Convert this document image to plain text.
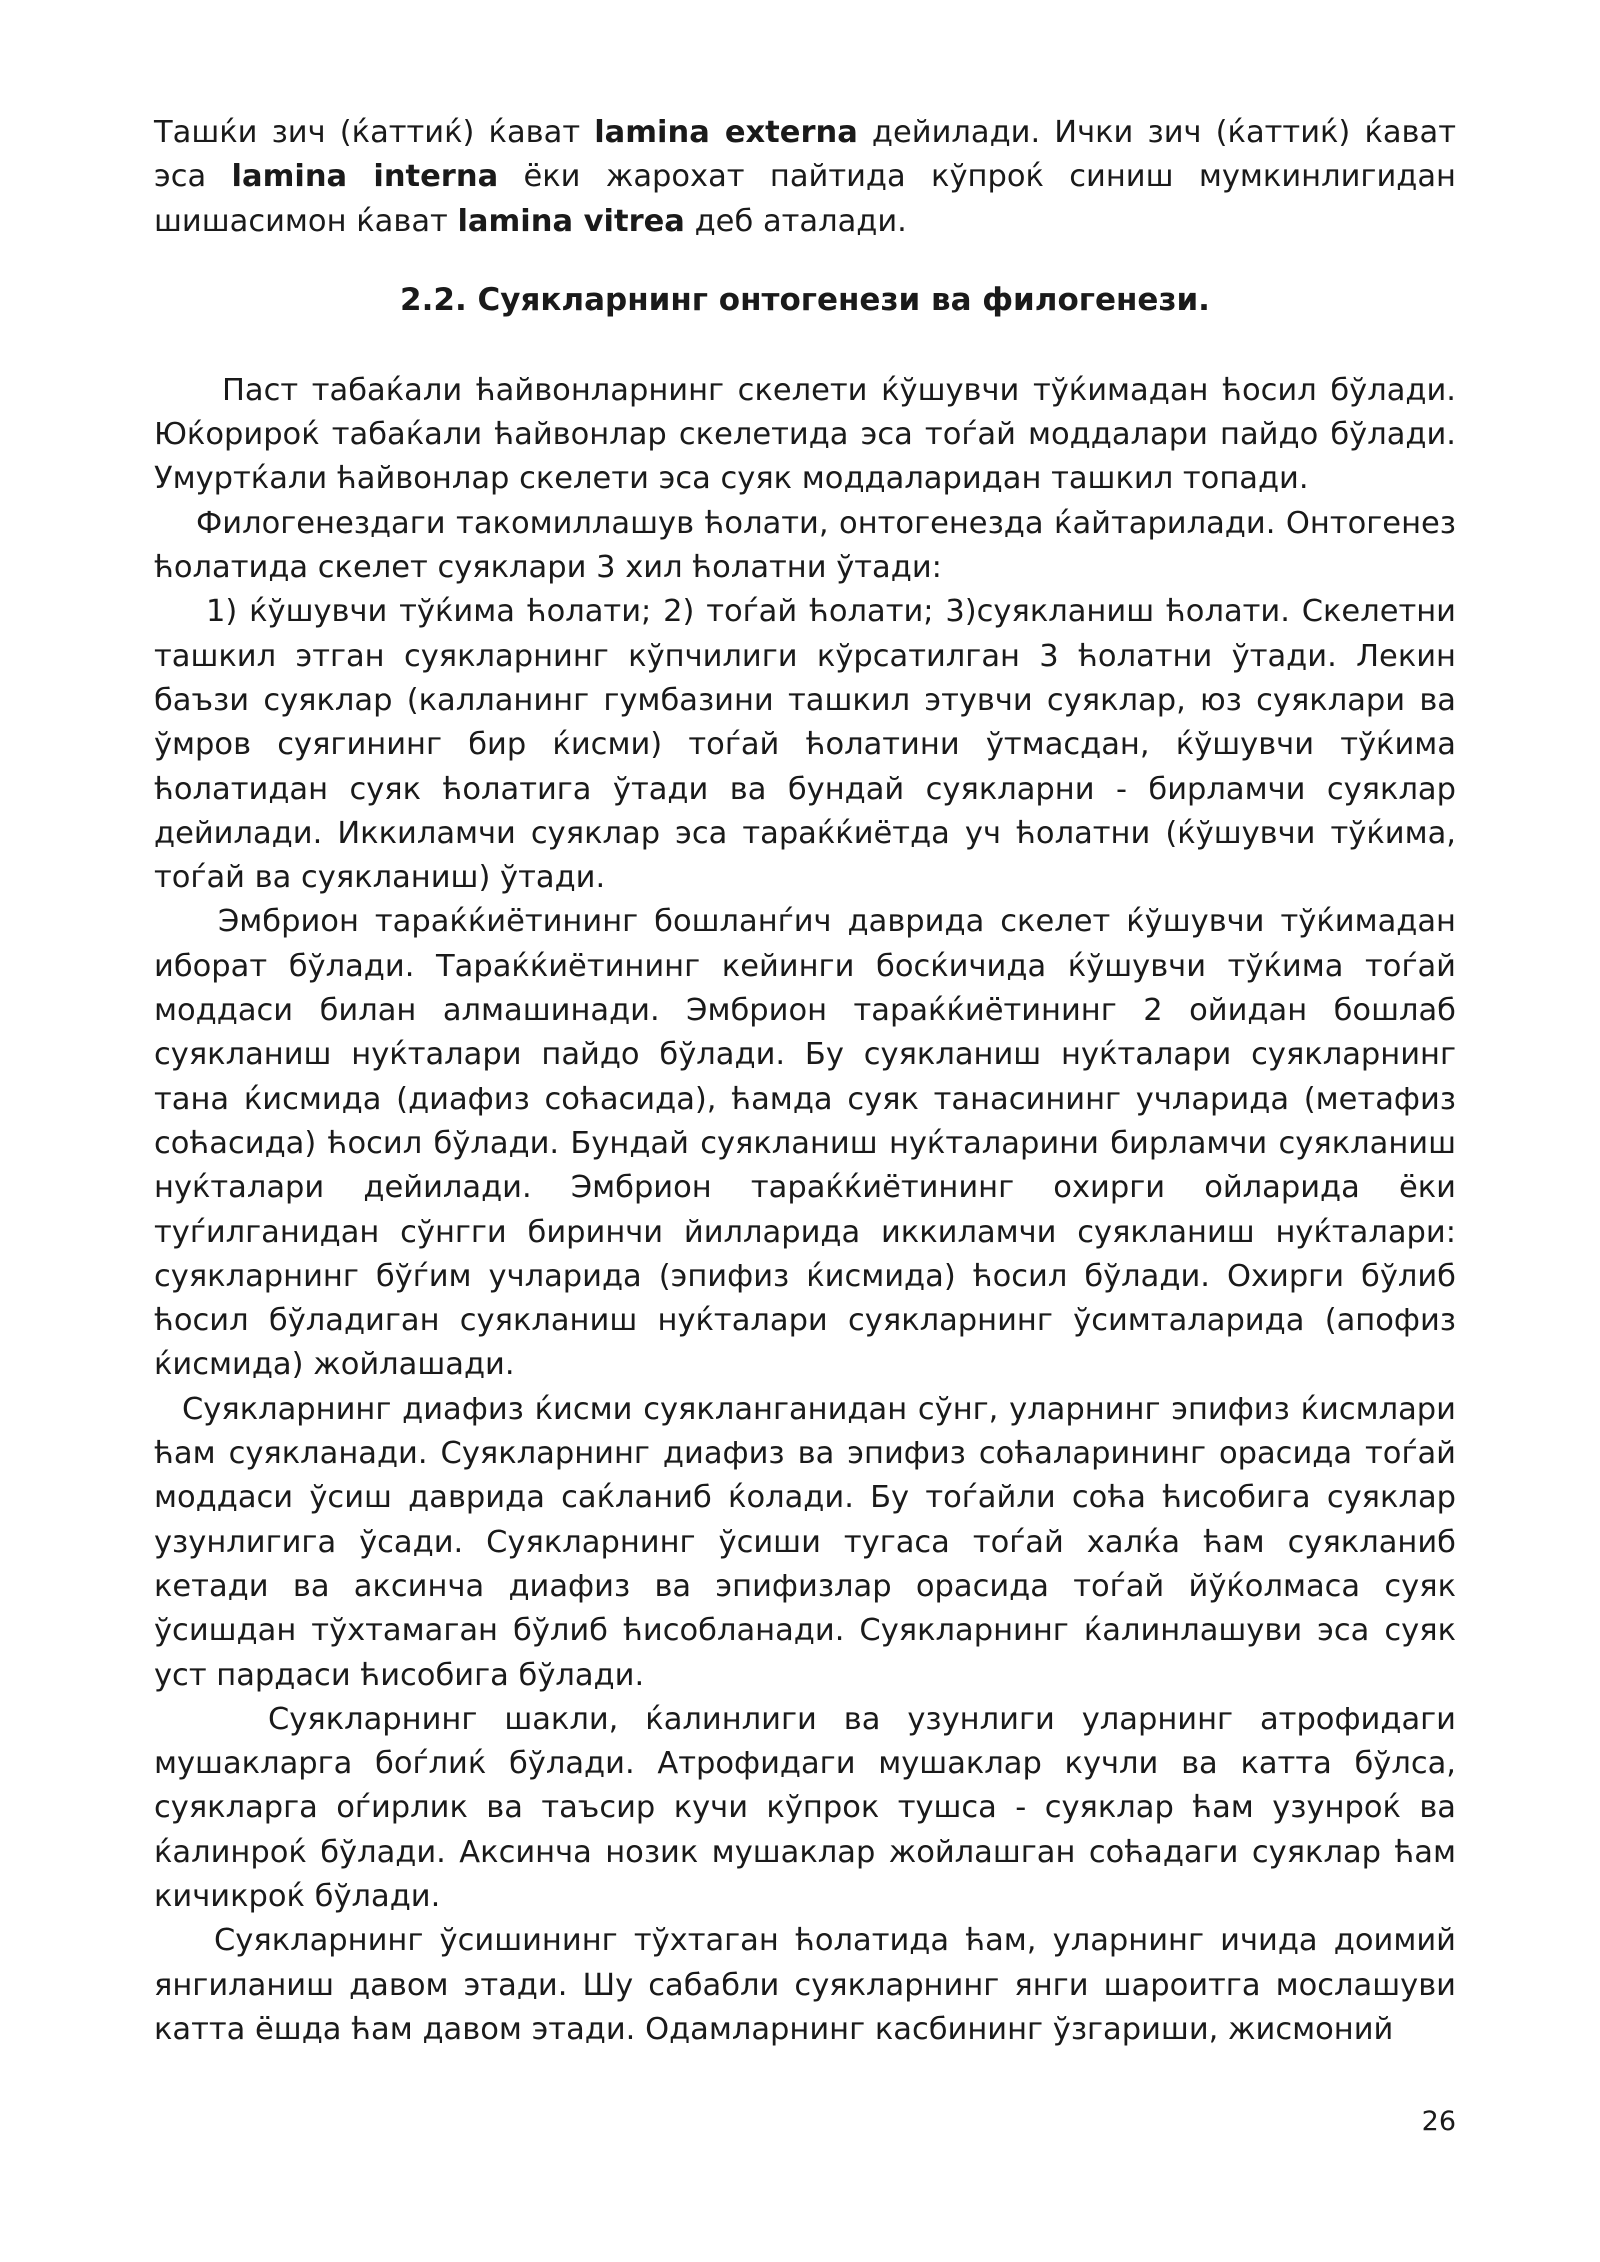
Ташќи зич (ќаттиќ) ќават lamina externa дейилади. Ички зич (ќаттиќ) ќават эса lamina interna ёки жарохат пайтида кўпроќ синиш мумкинлигидан шишасимон ќават lamina vitrea деб аталади.

2.2. Суякларнинг онтогенези ва филогенези.

Паст табаќали ћайвонларнинг скелети ќўшувчи тўќимадан ћосил бўлади. Юќорироќ табаќали ћайвонлар скелетида эса тоѓай моддалари пайдо бўлади. Умуртќали ћайвонлар скелети эса суяк моддаларидан ташкил топади.

Филогенездаги такомиллашув ћолати, онтогенезда ќайтарилади. Онтогенез ћолатида скелет суяклари 3 хил ћолатни ўтади:

1) ќўшувчи тўќима ћолати; 2) тоѓай ћолати; 3)суякланиш ћолати. Скелетни ташкил этган суякларнинг кўпчилиги кўрсатилган 3 ћолатни ўтади. Лекин баъзи суяклар (калланинг гумбазини ташкил этувчи суяклар, юз суяклари ва ўмров суягининг бир ќисми) тоѓай ћолатини ўтмасдан, ќўшувчи тўќима ћолатидан суяк ћолатига ўтади ва бундай суякларни - бирламчи суяклар дейилади. Иккиламчи суяклар эса тараќќиётда уч ћолатни (ќўшувчи тўќима, тоѓай ва суякланиш) ўтади.

Эмбрион тараќќиётининг бошланѓич даврида скелет ќўшувчи тўќимадан иборат бўлади. Тараќќиётининг кейинги босќичида ќўшувчи тўќима тоѓай моддаси билан алмашинади. Эмбрион тараќќиётининг 2 ойидан бошлаб суякланиш нуќталари пайдо бўлади. Бу суякланиш нуќталари суякларнинг тана ќисмида (диафиз соћасида), ћамда суяк танасининг учларида (метафиз соћасида) ћосил бўлади. Бундай суякланиш нуќталарини бирламчи суякланиш нуќталари дейилади. Эмбрион тараќќиётининг охирги ойларида ёки туѓилганидан сўнгги биринчи йилларида иккиламчи суякланиш нуќталари: суякларнинг бўѓим учларида (эпифиз ќисмида) ћосил бўлади. Охирги бўлиб ћосил бўладиган суякланиш нуќталари суякларнинг ўсимталарида (апофиз ќисмида) жойлашади.

Суякларнинг диафиз ќисми суякланганидан сўнг, уларнинг эпифиз ќисмлари ћам суякланади. Суякларнинг диафиз ва эпифиз соћаларининг орасида тоѓай моддаси ўсиш даврида саќланиб ќолади. Бу тоѓайли соћа ћисобига суяклар узунлигига ўсади. Суякларнинг ўсиши тугаса тоѓай халќа ћам суякланиб кетади ва аксинча диафиз ва эпифизлар орасида тоѓай йўќолмаса суяк ўсишдан тўхтамаган бўлиб ћисобланади. Суякларнинг ќалинлашуви эса суяк уст пардаси ћисобига бўлади.

Суякларнинг шакли, ќалинлиги ва узунлиги уларнинг атрофидаги мушакларга боѓлиќ бўлади. Атрофидаги мушаклар кучли ва катта бўлса, суякларга оѓирлик ва таъсир кучи кўпрок тушса - суяклар ћам узунроќ ва ќалинроќ бўлади. Аксинча нозик мушаклар жойлашган соћадаги суяклар ћам кичикроќ бўлади.

Суякларнинг ўсишининг тўхтаган ћолатида ћам, уларнинг ичида доимий янгиланиш давом этади. Шу сабабли суякларнинг янги шароитга мослашуви катта ёшда ћам давом этади. Одамларнинг касбининг ўзгариши, жисмоний

26
